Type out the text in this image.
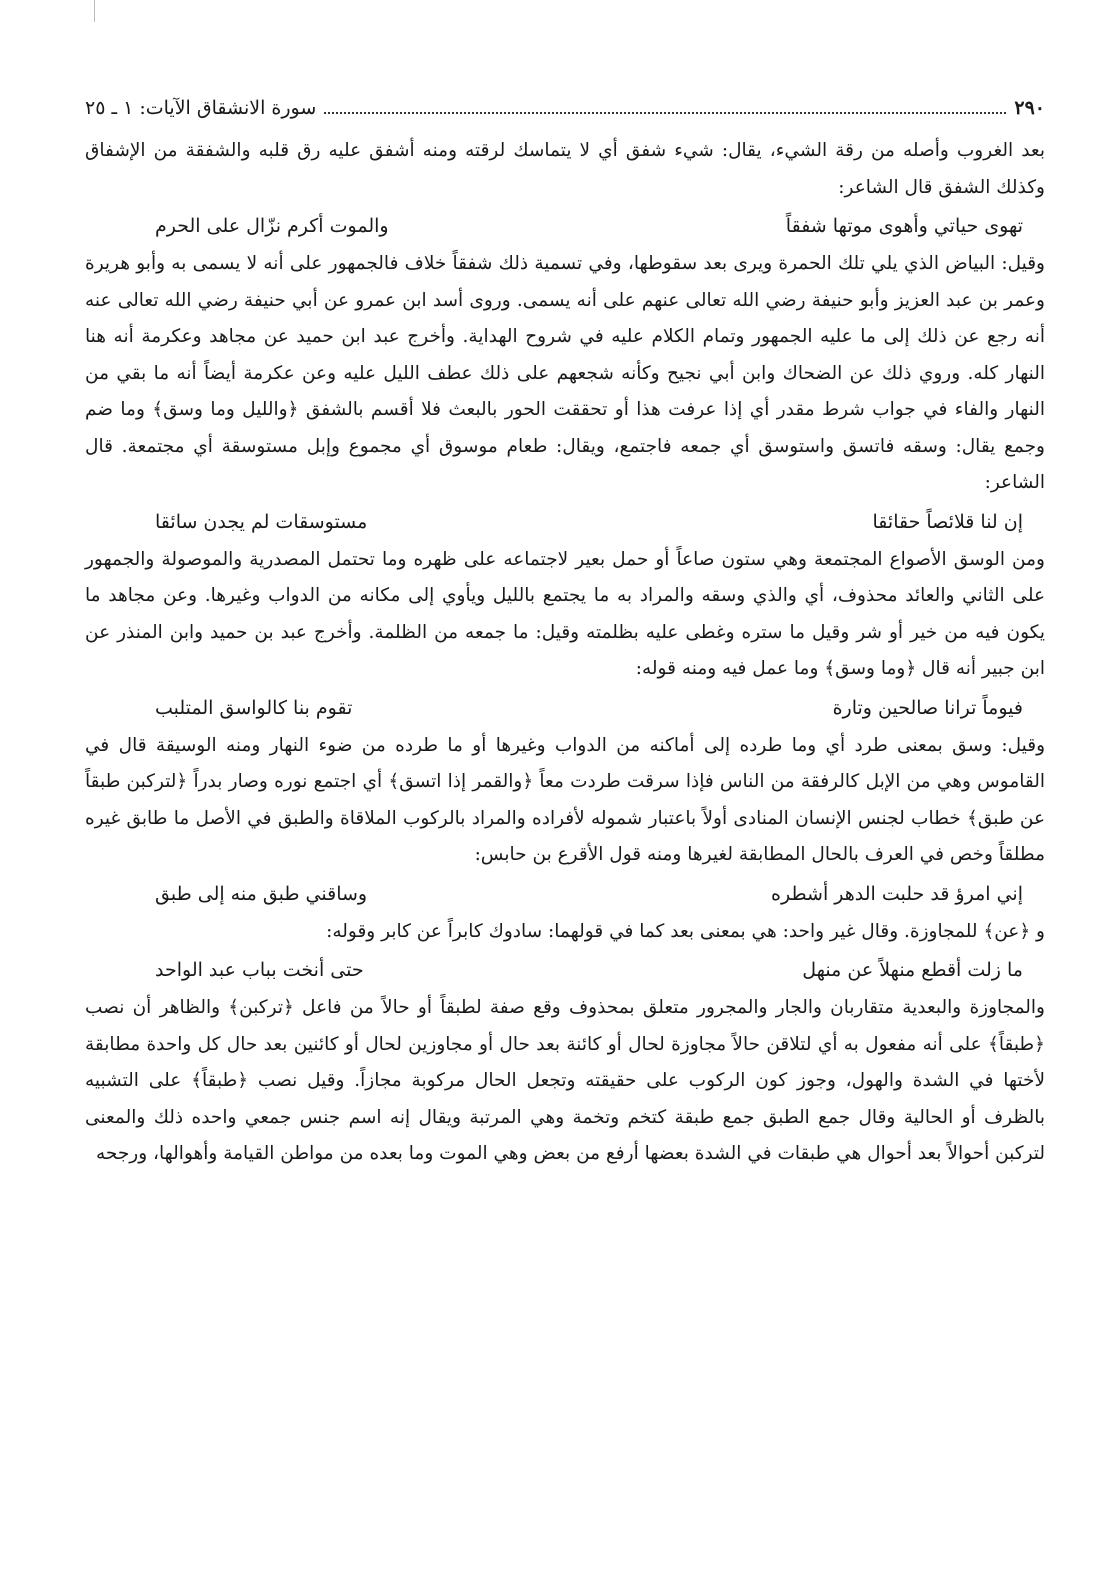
٢٩٠
سورة الانشقاق الآيات: ١ ـ ٢٥

بعد الغروب وأصله من رقة الشيء، يقال: شيء شفق أي لا يتماسك لرقته ومنه أشفق عليه رق قلبه والشفقة من الإشفاق وكذلك الشفق قال الشاعر:

تهوى حياتي وأهوى موتها شفقاً
والموت أكرم نزّال على الحرم

وقيل: البياض الذي يلي تلك الحمرة ويرى بعد سقوطها، وفي تسمية ذلك شفقاً خلاف فالجمهور على أنه لا يسمى به وأبو هريرة وعمر بن عبد العزيز وأبو حنيفة رضي الله تعالى عنهم على أنه يسمى. وروى أسد ابن عمرو عن أبي حنيفة رضي الله تعالى عنه أنه رجع عن ذلك إلى ما عليه الجمهور وتمام الكلام عليه في شروح الهداية. وأخرج عبد ابن حميد عن مجاهد وعكرمة أنه هنا النهار كله. وروي ذلك عن الضحاك وابن أبي نجيح وكأنه شجعهم على ذلك عطف الليل عليه وعن عكرمة أيضاً أنه ما بقي من النهار والفاء في جواب شرط مقدر أي إذا عرفت هذا أو تحققت الحور بالبعث فلا أقسم بالشفق ﴿والليل وما وسق﴾ وما ضم وجمع يقال: وسقه فاتسق واستوسق أي جمعه فاجتمع، ويقال: طعام موسوق أي مجموع وإبل مستوسقة أي مجتمعة. قال الشاعر:

إن لنا قلائصاً حقائقا
مستوسقات لم يجدن سائقا

ومن الوسق الأصواع المجتمعة وهي ستون صاعاً أو حمل بعير لاجتماعه على ظهره وما تحتمل المصدرية والموصولة والجمهور على الثاني والعائد محذوف، أي والذي وسقه والمراد به ما يجتمع بالليل ويأوي إلى مكانه من الدواب وغيرها. وعن مجاهد ما يكون فيه من خير أو شر وقيل ما ستره وغطى عليه بظلمته وقيل: ما جمعه من الظلمة. وأخرج عبد بن حميد وابن المنذر عن ابن جبير أنه قال ﴿وما وسق﴾ وما عمل فيه ومنه قوله:

فيوماً ترانا صالحين وتارة
تقوم بنا كالواسق المتلبب

وقيل: وسق بمعنى طرد أي وما طرده إلى أماكنه من الدواب وغيرها أو ما طرده من ضوء النهار ومنه الوسيقة قال في القاموس وهي من الإبل كالرفقة من الناس فإذا سرقت طردت معاً ﴿والقمر إذا اتسق﴾ أي اجتمع نوره وصار بدراً ﴿لتركبن طبقاً عن طبق﴾ خطاب لجنس الإنسان المنادى أولاً باعتبار شموله لأفراده والمراد بالركوب الملاقاة والطبق في الأصل ما طابق غيره مطلقاً وخص في العرف بالحال المطابقة لغيرها ومنه قول الأقرع بن حابس:

إني امرؤ قد حلبت الدهر أشطره
وساقني طبق منه إلى طبق

و ﴿عن﴾ للمجاوزة. وقال غير واحد: هي بمعنى بعد كما في قولهما: سادوك كابراً عن كابر وقوله:

ما زلت أقطع منهلاً عن منهل
حتى أنخت بباب عبد الواحد

والمجاوزة والبعدية متقاربان والجار والمجرور متعلق بمحذوف وقع صفة لطبقاً أو حالاً من فاعل ﴿تركبن﴾ والظاهر أن نصب ﴿طبقاً﴾ على أنه مفعول به أي لتلاقن حالاً مجاوزة لحال أو كائنة بعد حال أو مجاوزين لحال أو كائنين بعد حال كل واحدة مطابقة لأختها في الشدة والهول، وجوز كون الركوب على حقيقته وتجعل الحال مركوبة مجازاً. وقيل نصب ﴿طبقاً﴾ على التشبيه بالظرف أو الحالية وقال جمع الطبق جمع طبقة كتخم وتخمة وهي المرتبة ويقال إنه اسم جنس جمعي واحده ذلك والمعنى لتركبن أحوالاً بعد أحوال هي طبقات في الشدة بعضها أرفع من بعض وهي الموت وما بعده من مواطن القيامة وأهوالها، ورجحه
